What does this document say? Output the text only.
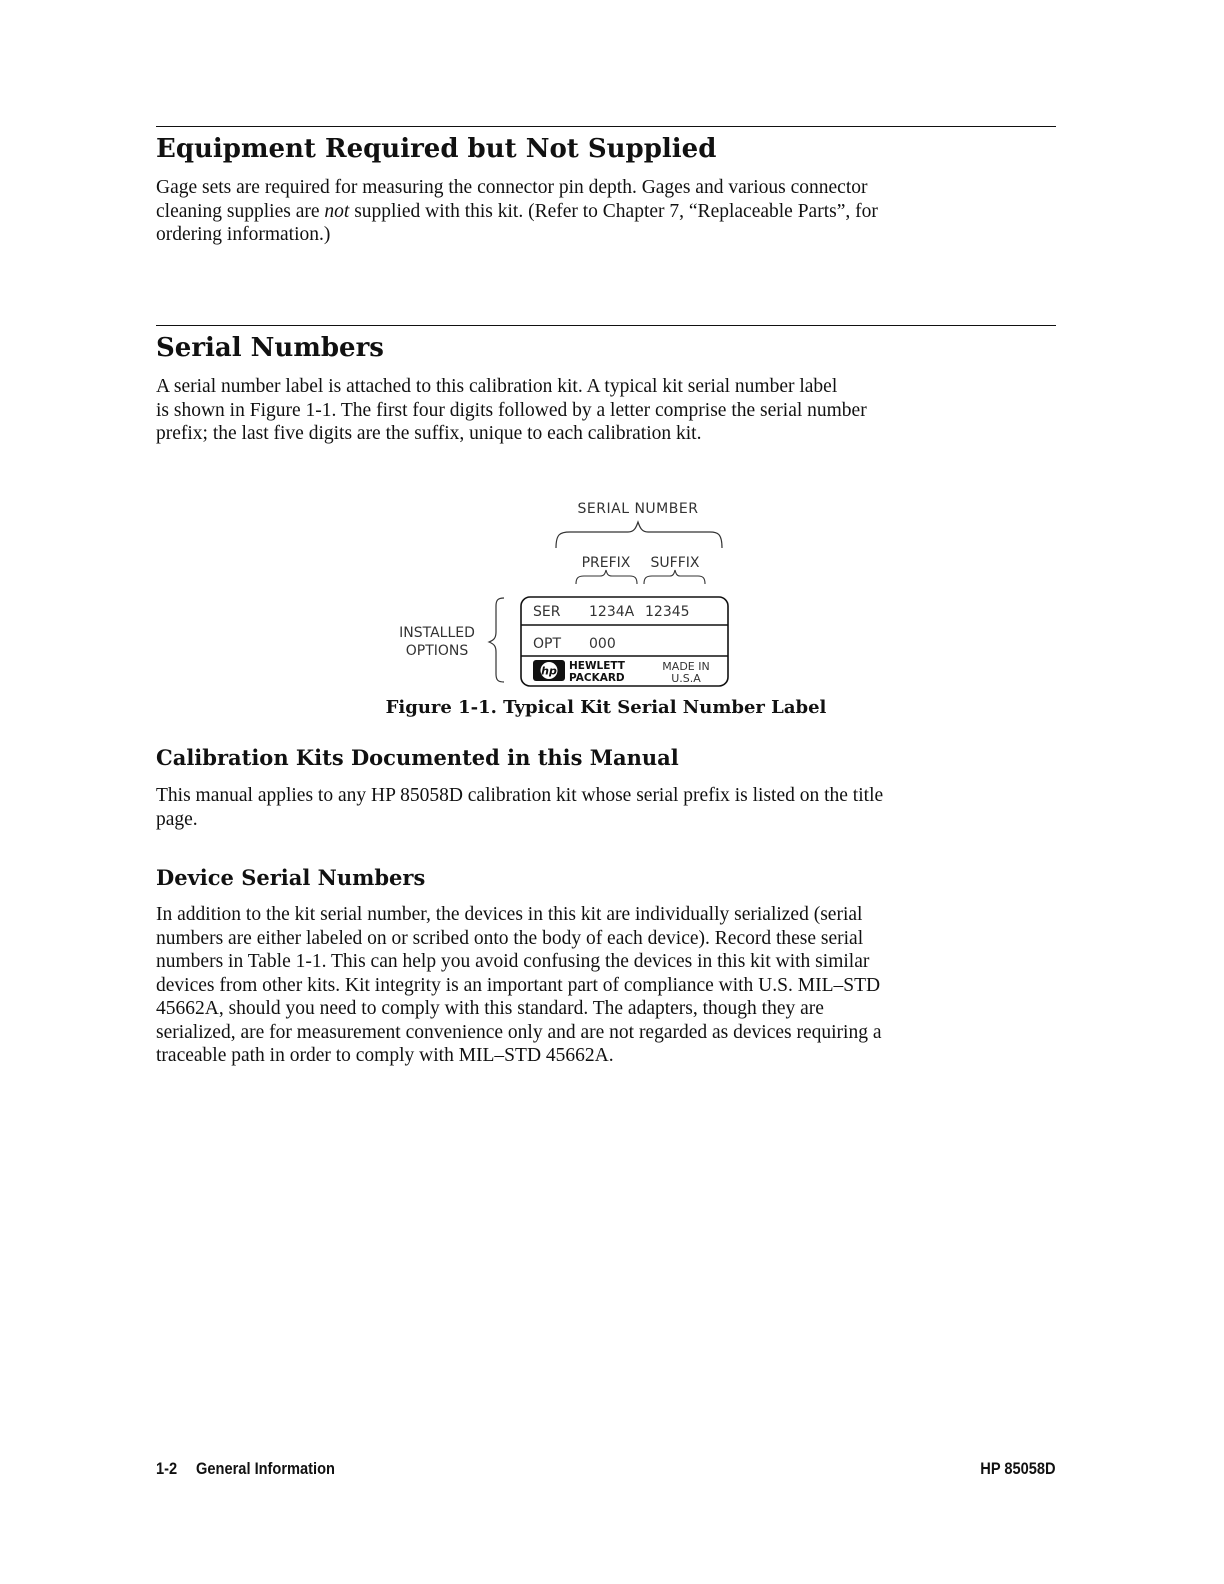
Equipment Required but Not Supplied

Gage sets are required for measuring the connector pin depth. Gages and various connector
cleaning supplies are not supplied with this kit. (Refer to Chapter 7, “Replaceable Parts”, for
ordering information.)

Serial Numbers

A serial number label is attached to this calibration kit. A typical kit serial number label
is shown in Figure 1-1. The first four digits followed by a letter comprise the serial number
prefix; the last five digits are the suffix, unique to each calibration kit.

SERIAL NUMBER
PREFIX SUFFIX
SER 1234A 12345
OPT 000
hp HEWLETT
PACKARD
MADE IN
U.S.A
INSTALLED
OPTIONS

Figure 1-1. Typical Kit Serial Number Label

Calibration Kits Documented in this Manual

This manual applies to any HP 85058D calibration kit whose serial prefix is listed on the title
page.

Device Serial Numbers

In addition to the kit serial number, the devices in this kit are individually serialized (serial
numbers are either labeled on or scribed onto the body of each device). Record these serial
numbers in Table 1-1. This can help you avoid confusing the devices in this kit with similar
devices from other kits. Kit integrity is an important part of compliance with U.S. MIL–STD
45662A, should you need to comply with this standard. The adapters, though they are
serialized, are for measurement convenience only and are not regarded as devices requiring a
traceable path in order to comply with MIL–STD 45662A.

1-2 General Information	HP 85058D
